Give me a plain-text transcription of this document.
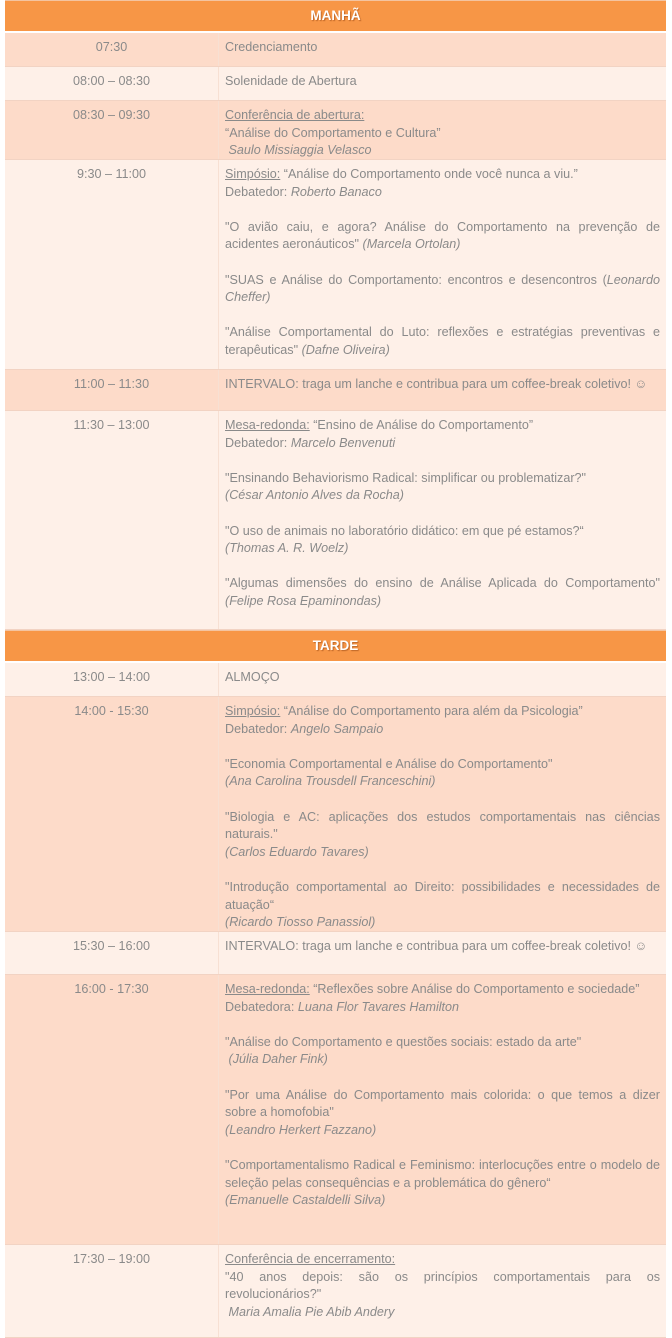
MANHÃ
07:30	Credenciamento
08:00 – 08:30	Solenidade de Abertura
08:30 – 09:30	Conferência de abertura:
“Análise do Comportamento e Cultura”
Saulo Missiaggia Velasco
9:30 – 11:00	Simpósio: “Análise do Comportamento onde você nunca a viu.”
Debatedor: Roberto Banaco
"O avião caiu, e agora? Análise do Comportamento na prevenção de acidentes aeronáuticos" (Marcela Ortolan)
"SUAS e Análise do Comportamento: encontros e desencontros (Leonardo Cheffer)
"Análise Comportamental do Luto: reflexões e estratégias preventivas e terapêuticas" (Dafne Oliveira)
11:00 – 11:30	INTERVALO: traga um lanche e contribua para um coffee-break coletivo! ☺
11:30 – 13:00	Mesa-redonda: “Ensino de Análise do Comportamento”
Debatedor: Marcelo Benvenuti
"Ensinando Behaviorismo Radical: simplificar ou problematizar?"
(César Antonio Alves da Rocha)
"O uso de animais no laboratório didático: em que pé estamos?“
(Thomas A. R. Woelz)
"Algumas dimensões do ensino de Análise Aplicada do Comportamento" (Felipe Rosa Epaminondas)
TARDE
13:00 – 14:00	ALMOÇO
14:00 - 15:30	Simpósio: “Análise do Comportamento para além da Psicologia”
Debatedor: Angelo Sampaio
"Economia Comportamental e Análise do Comportamento"
(Ana Carolina Trousdell Franceschini)
"Biologia e AC: aplicações dos estudos comportamentais nas ciências naturais."
(Carlos Eduardo Tavares)
"Introdução comportamental ao Direito: possibilidades e necessidades de atuação“
(Ricardo Tiosso Panassiol)
15:30 – 16:00	INTERVALO: traga um lanche e contribua para um coffee-break coletivo! ☺
16:00 - 17:30	Mesa-redonda: “Reflexões sobre Análise do Comportamento e sociedade”
Debatedora: Luana Flor Tavares Hamilton
"Análise do Comportamento e questões sociais: estado da arte"
(Júlia Daher Fink)
"Por uma Análise do Comportamento mais colorida: o que temos a dizer sobre a homofobia"
(Leandro Herkert Fazzano)
"Comportamentalismo Radical e Feminismo: interlocuções entre o modelo de seleção pelas consequências e a problemática do gênero“
(Emanuelle Castaldelli Silva)
17:30 – 19:00	Conferência de encerramento:
"40 anos depois: são os princípios comportamentais para os revolucionários?"
Maria Amalia Pie Abib Andery
